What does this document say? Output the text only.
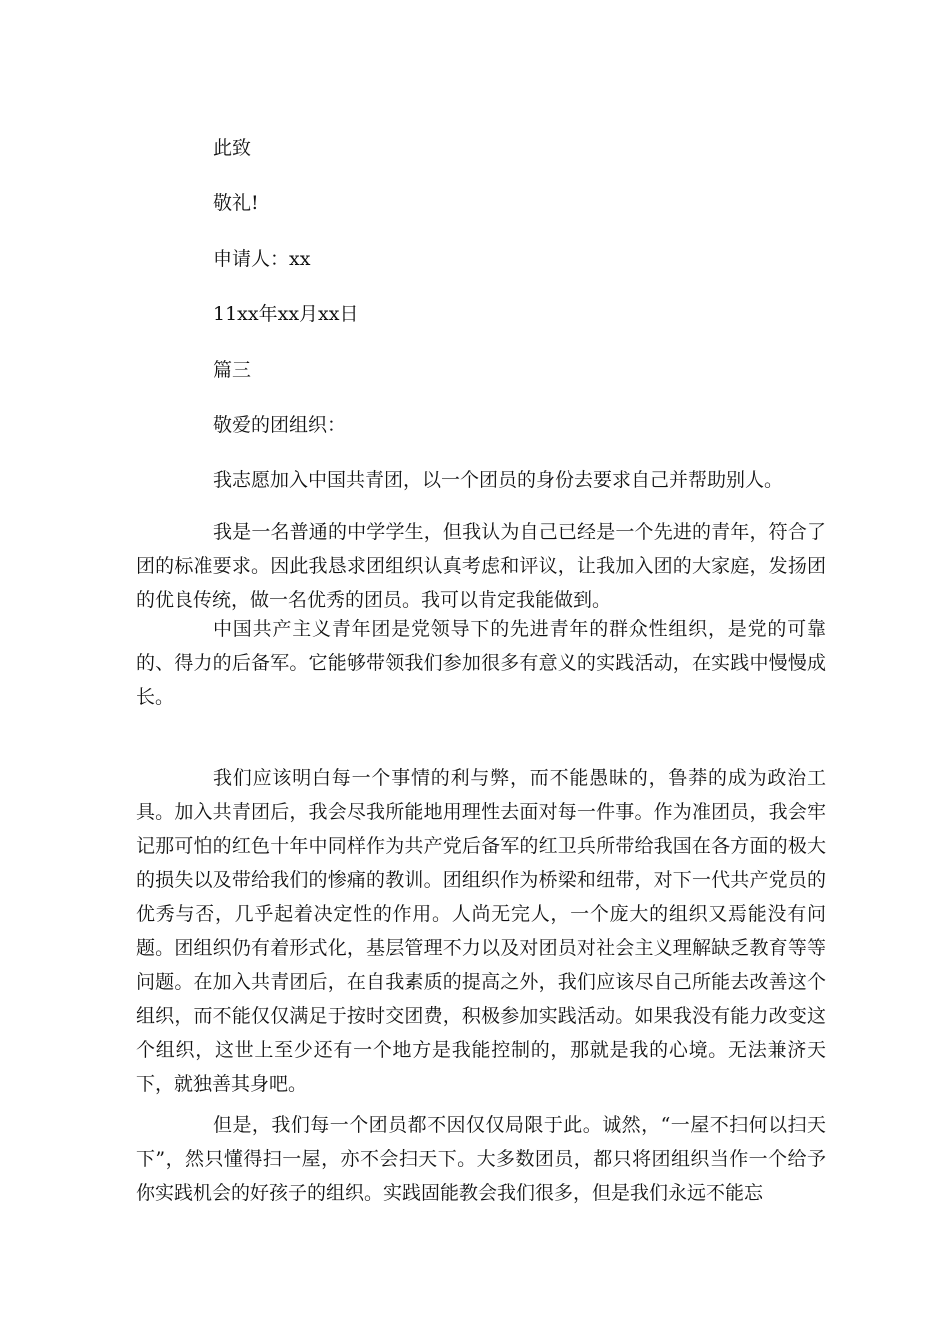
此致

敬礼!

申请人：xx

11xx年xx月xx日

篇三

敬爱的团组织：

我志愿加入中国共青团，以一个团员的身份去要求自己并帮助别人。

我是一名普通的中学学生，但我认为自己已经是一个先进的青年，符合了团的标准要求。因此我恳求团组织认真考虑和评议，让我加入团的大家庭，发扬团的优良传统，做一名优秀的团员。我可以肯定我能做到。

中国共产主义青年团是党领导下的先进青年的群众性组织，是党的可靠的、得力的后备军。它能够带领我们参加很多有意义的实践活动，在实践中慢慢成长。

我们应该明白每一个事情的利与弊，而不能愚昧的，鲁莽的成为政治工具。加入共青团后，我会尽我所能地用理性去面对每一件事。作为准团员，我会牢记那可怕的红色十年中同样作为共产党后备军的红卫兵所带给我国在各方面的极大的损失以及带给我们的惨痛的教训。团组织作为桥梁和纽带，对下一代共产党员的优秀与否，几乎起着决定性的作用。人尚无完人，一个庞大的组织又焉能没有问题。团组织仍有着形式化，基层管理不力以及对团员对社会主义理解缺乏教育等等问题。在加入共青团后，在自我素质的提高之外，我们应该尽自己所能去改善这个组织，而不能仅仅满足于按时交团费，积极参加实践活动。如果我没有能力改变这个组织，这世上至少还有一个地方是我能控制的，那就是我的心境。无法兼济天下，就独善其身吧。

但是，我们每一个团员都不因仅仅局限于此。诚然，“一屋不扫何以扫天下”，然只懂得扫一屋，亦不会扫天下。大多数团员，都只将团组织当作一个给予你实践机会的好孩子的组织。实践固能教会我们很多，但是我们永远不能忘
